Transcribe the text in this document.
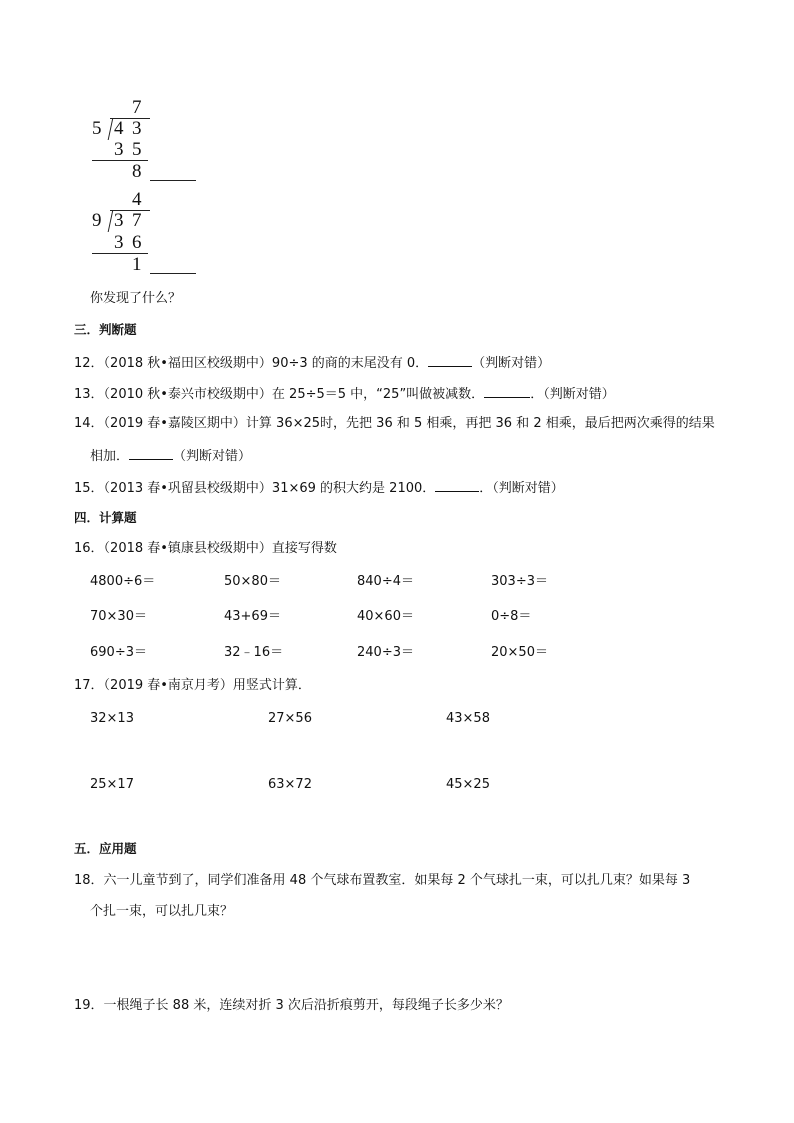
7
5 4 3
3 5
8
4
9 3 7
3 6
1
你发现了什么？
三．判断题
12．（2018 秋•福田区校级期中）90÷3 的商的末尾没有 0．	（判断对错）
13．（2010 秋•泰兴市校级期中）在 25÷5＝5 中，“25”叫做被减数．	．（判断对错）
14．（2019 春•嘉陵区期中）计算 36×25时，先把 36 和 5 相乘，再把 36 和 2 相乘，最后把两次乘得的结果
相加．	（判断对错）
15．（2013 春•巩留县校级期中）31×69 的积大约是 2100．	．（判断对错）
四．计算题
16．（2018 春•镇康县校级期中）直接写得数
4800÷6＝	50×80＝	840÷4＝	303÷3＝
70×30＝	43+69＝	40×60＝	0÷8＝
690÷3＝	32﹣16＝	240÷3＝	20×50＝
17．（2019 春•南京月考）用竖式计算．
32×13	27×56	43×58
25×17	63×72	45×25
五．应用题
18．六一儿童节到了，同学们准备用 48 个气球布置教室．如果每 2 个气球扎一束，可以扎几束？如果每 3
个扎一束，可以扎几束？
19．一根绳子长 88 米，连续对折 3 次后沿折痕剪开，每段绳子长多少米？
